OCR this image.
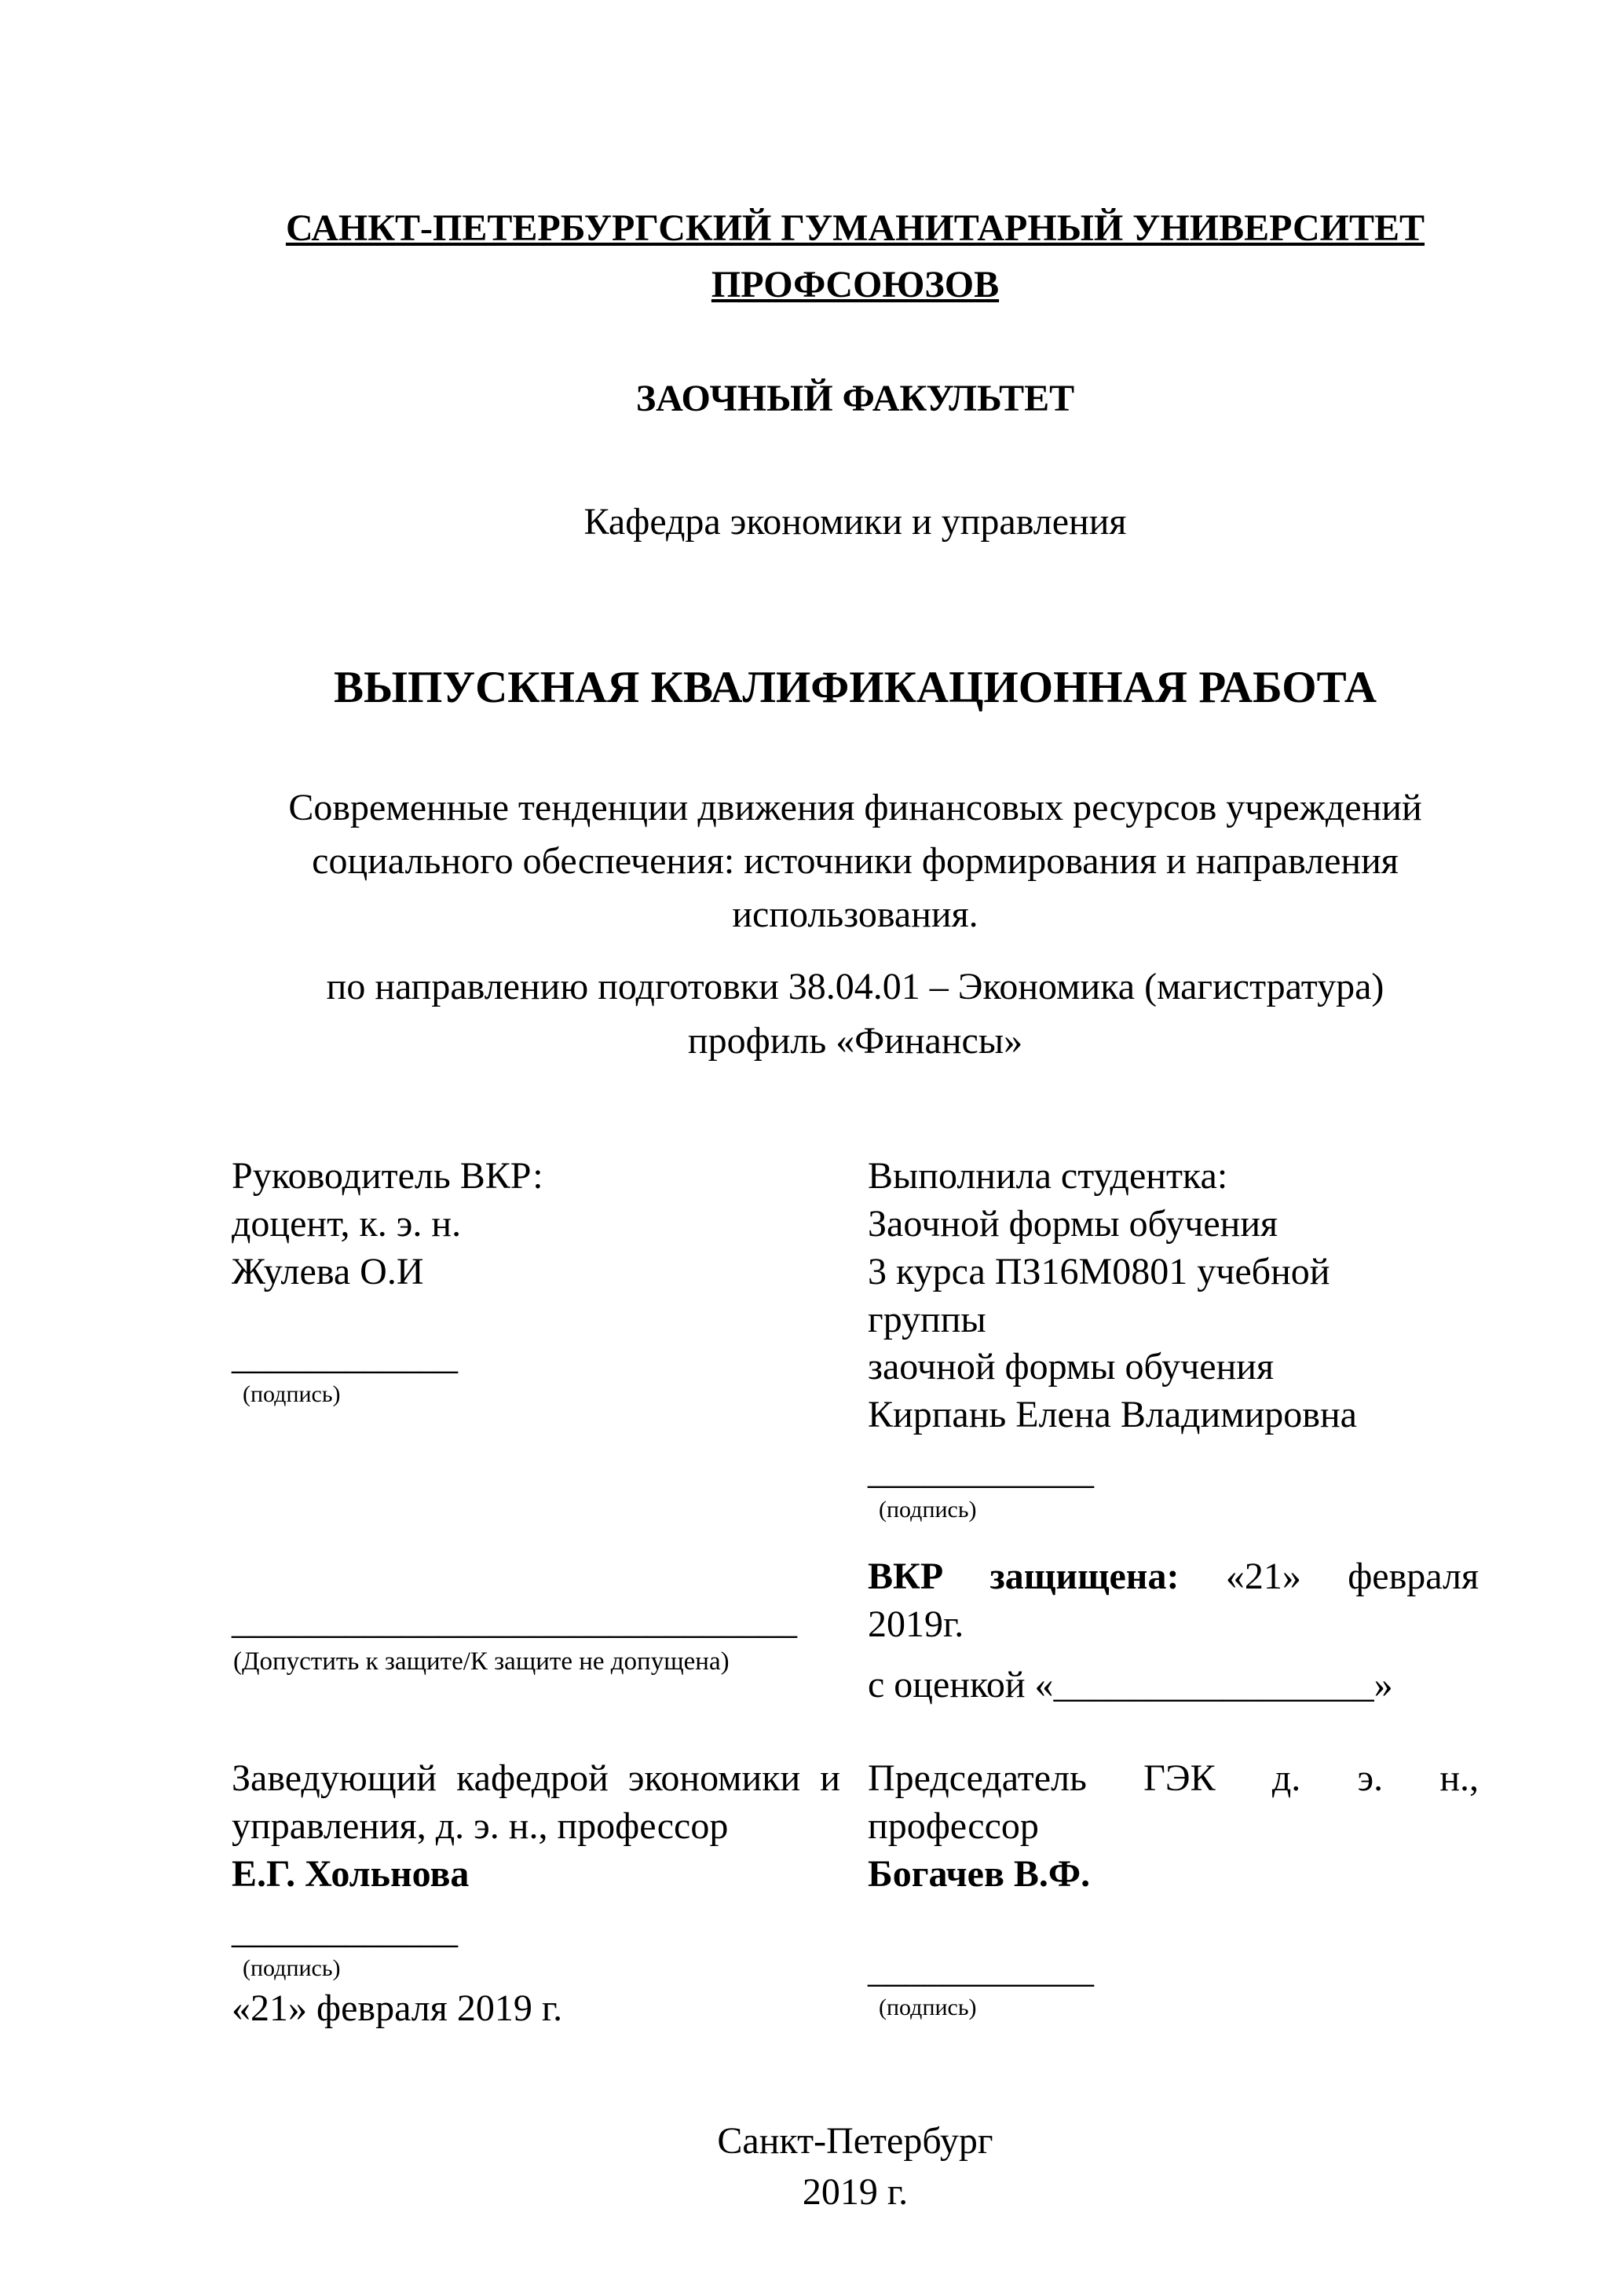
САНКТ-ПЕТЕРБУРГСКИЙ ГУМАНИТАРНЫЙ УНИВЕРСИТЕТ ПРОФСОЮЗОВ
ЗАОЧНЫЙ ФАКУЛЬТЕТ
Кафедра экономики и управления
ВЫПУСКНАЯ КВАЛИФИКАЦИОННАЯ РАБОТА
Современные тенденции движения финансовых ресурсов учреждений социального обеспечения: источники формирования и направления использования.
по направлению подготовки 38.04.01 – Экономика (магистратура)
профиль «Финансы»
Руководитель ВКР:
доцент, к. э. н.
Жулева О.И
____________
(подпись)
Выполнила студентка:
Заочной формы обучения
3 курса ПЗ16М0801 учебной
группы
заочной формы обучения
Кирпань Елена Владимировна
____________
(подпись)
______________________________
(Допустить к защите/К защите не допущена)
ВКР защищена: «21» февраля
2019г.
с оценкой «_________________»
Заведующий кафедрой экономики и
управления, д. э. н., профессор
Е.Г. Хольнова
____________
(подпись)
«21» февраля 2019 г.
Председатель ГЭК д. э. н.,
профессор
Богачев В.Ф.
____________
(подпись)
Санкт-Петербург
2019 г.
